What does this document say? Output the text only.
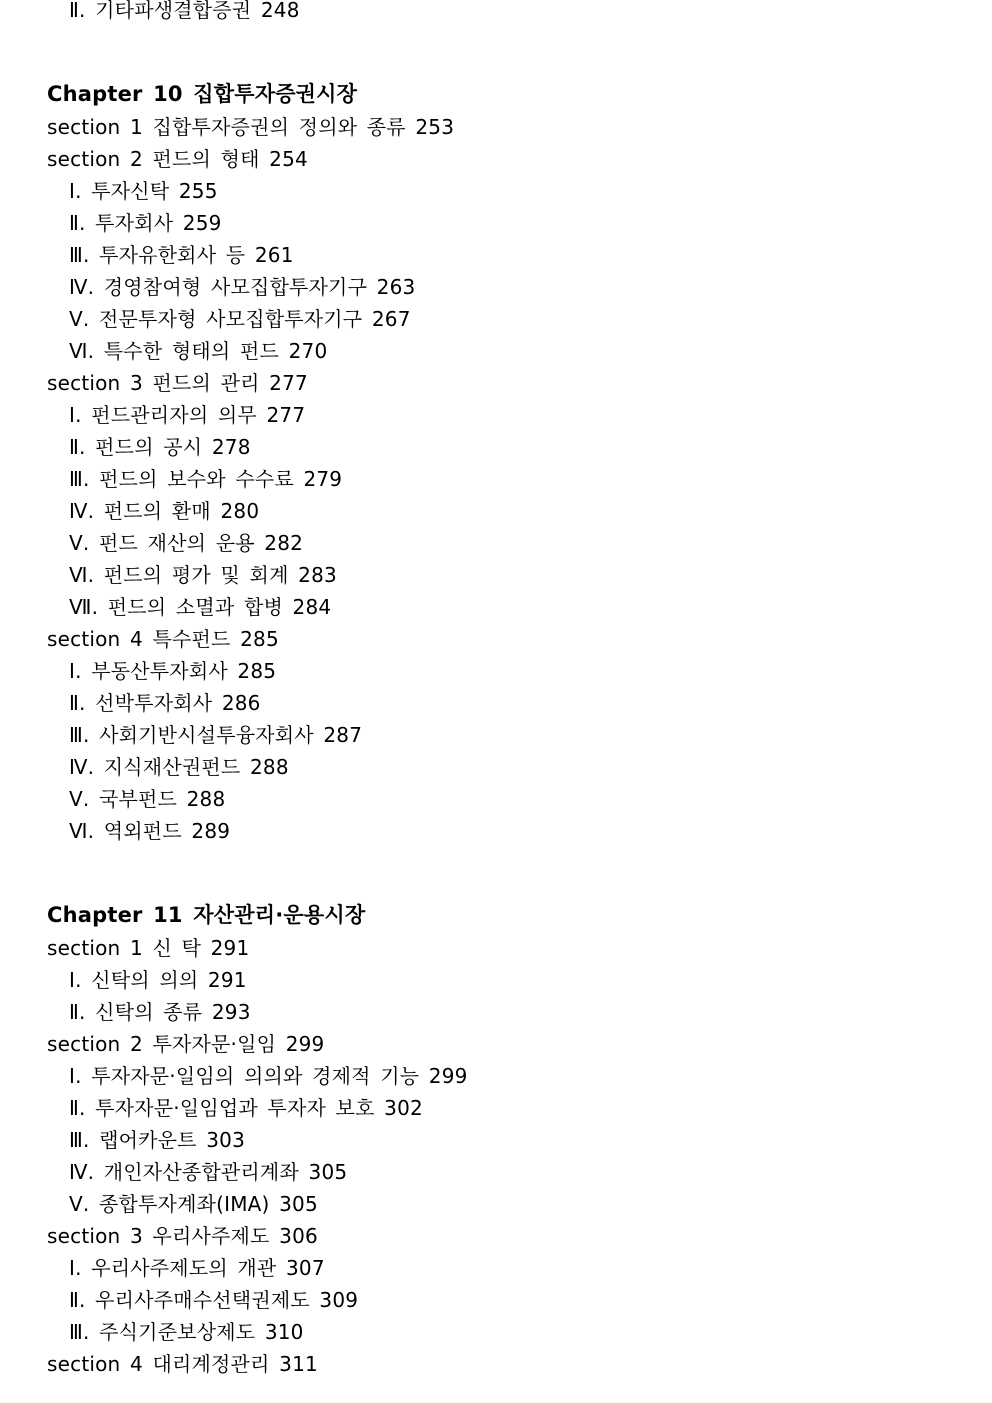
Ⅱ. 기타파생결합증권 248
Chapter 10 집합투자증권시장
section 1 집합투자증권의 정의와 종류 253
section 2 펀드의 형태 254
Ⅰ. 투자신탁 255
Ⅱ. 투자회사 259
Ⅲ. 투자유한회사 등 261
Ⅳ. 경영참여형 사모집합투자기구 263
Ⅴ. 전문투자형 사모집합투자기구 267
Ⅵ. 특수한 형태의 펀드 270
section 3 펀드의 관리 277
Ⅰ. 펀드관리자의 의무 277
Ⅱ. 펀드의 공시 278
Ⅲ. 펀드의 보수와 수수료 279
Ⅳ. 펀드의 환매 280
Ⅴ. 펀드 재산의 운용 282
Ⅵ. 펀드의 평가 및 회계 283
Ⅶ. 펀드의 소멸과 합병 284
section 4 특수펀드 285
Ⅰ. 부동산투자회사 285
Ⅱ. 선박투자회사 286
Ⅲ. 사회기반시설투융자회사 287
Ⅳ. 지식재산권펀드 288
Ⅴ. 국부펀드 288
Ⅵ. 역외펀드 289
Chapter 11 자산관리·운용시장
section 1 신 탁 291
Ⅰ. 신탁의 의의 291
Ⅱ. 신탁의 종류 293
section 2 투자자문·일임 299
Ⅰ. 투자자문·일임의 의의와 경제적 기능 299
Ⅱ. 투자자문·일임업과 투자자 보호 302
Ⅲ. 랩어카운트 303
Ⅳ. 개인자산종합관리계좌 305
Ⅴ. 종합투자계좌(IMA) 305
section 3 우리사주제도 306
Ⅰ. 우리사주제도의 개관 307
Ⅱ. 우리사주매수선택권제도 309
Ⅲ. 주식기준보상제도 310
section 4 대리계정관리 311
